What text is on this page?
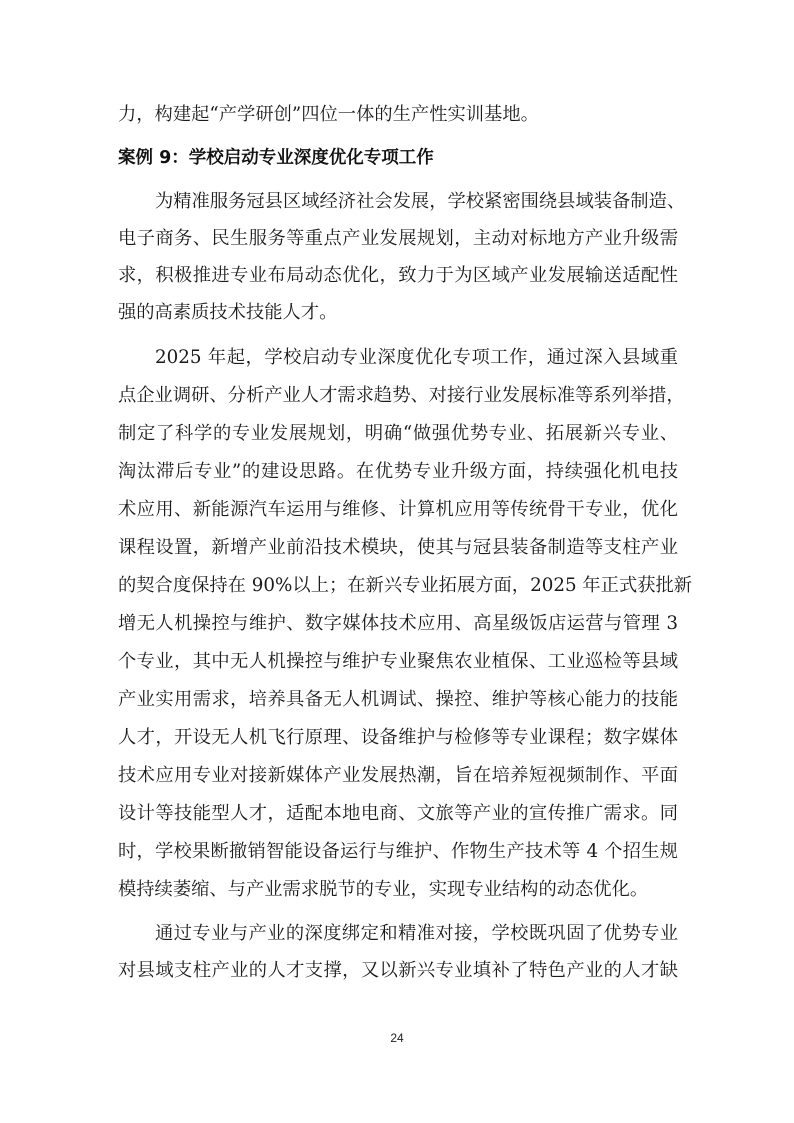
力，构建起“产学研创”四位一体的生产性实训基地。
案例 9：学校启动专业深度优化专项工作
为精准服务冠县区域经济社会发展，学校紧密围绕县域装备制造、
电子商务、民生服务等重点产业发展规划，主动对标地方产业升级需
求，积极推进专业布局动态优化，致力于为区域产业发展输送适配性
强的高素质技术技能人才。
2025 年起，学校启动专业深度优化专项工作，通过深入县域重
点企业调研、分析产业人才需求趋势、对接行业发展标准等系列举措，
制定了科学的专业发展规划，明确“做强优势专业、拓展新兴专业、
淘汰滞后专业”的建设思路。在优势专业升级方面，持续强化机电技
术应用、新能源汽车运用与维修、计算机应用等传统骨干专业，优化
课程设置，新增产业前沿技术模块，使其与冠县装备制造等支柱产业
的契合度保持在 90%以上；在新兴专业拓展方面，2025 年正式获批新
增无人机操控与维护、数字媒体技术应用、高星级饭店运营与管理 3
个专业，其中无人机操控与维护专业聚焦农业植保、工业巡检等县域
产业实用需求，培养具备无人机调试、操控、维护等核心能力的技能
人才，开设无人机飞行原理、设备维护与检修等专业课程；数字媒体
技术应用专业对接新媒体产业发展热潮，旨在培养短视频制作、平面
设计等技能型人才，适配本地电商、文旅等产业的宣传推广需求。同
时，学校果断撤销智能设备运行与维护、作物生产技术等 4 个招生规
模持续萎缩、与产业需求脱节的专业，实现专业结构的动态优化。
通过专业与产业的深度绑定和精准对接，学校既巩固了优势专业
对县域支柱产业的人才支撑，又以新兴专业填补了特色产业的人才缺
24
